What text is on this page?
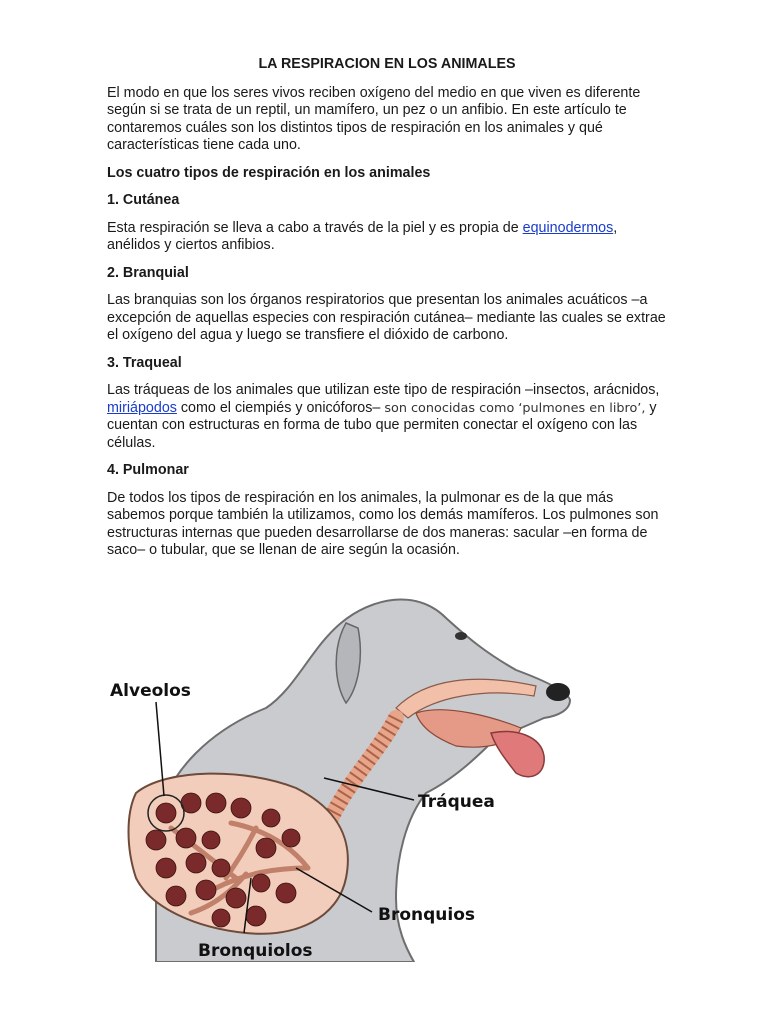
LA RESPIRACION EN LOS ANIMALES

El modo en que los seres vivos reciben oxígeno del medio en que viven es diferente según si se trata de un reptil, un mamífero, un pez o un anfibio. En este artículo te contaremos cuáles son los distintos tipos de respiración en los animales y qué características tiene cada uno.

Los cuatro tipos de respiración en los animales

1. Cutánea

Esta respiración se lleva a cabo a través de la piel y es propia de equinodermos, anélidos y ciertos anfibios.

2. Branquial

Las branquias son los órganos respiratorios que presentan los animales acuáticos –a excepción de aquellas especies con respiración cutánea– mediante las cuales se extrae el oxígeno del agua y luego se transfiere el dióxido de carbono.

3. Traqueal

Las tráqueas de los animales que utilizan este tipo de respiración –insectos, arácnidos, miriápodos como el ciempiés y onicóforos– son conocidas como ‘pulmones en libro’, y cuentan con estructuras en forma de tubo que permiten conectar el oxígeno con las células.

4. Pulmonar

De todos los tipos de respiración en los animales, la pulmonar es de la que más sabemos porque también la utilizamos, como los demás mamíferos. Los pulmones son estructuras internas que pueden desarrollarse de dos maneras: sacular –en forma de saco– o tubular, que se llenan de aire según la ocasión.

Alveolos
Tráquea
Bronquios
Bronquiolos
